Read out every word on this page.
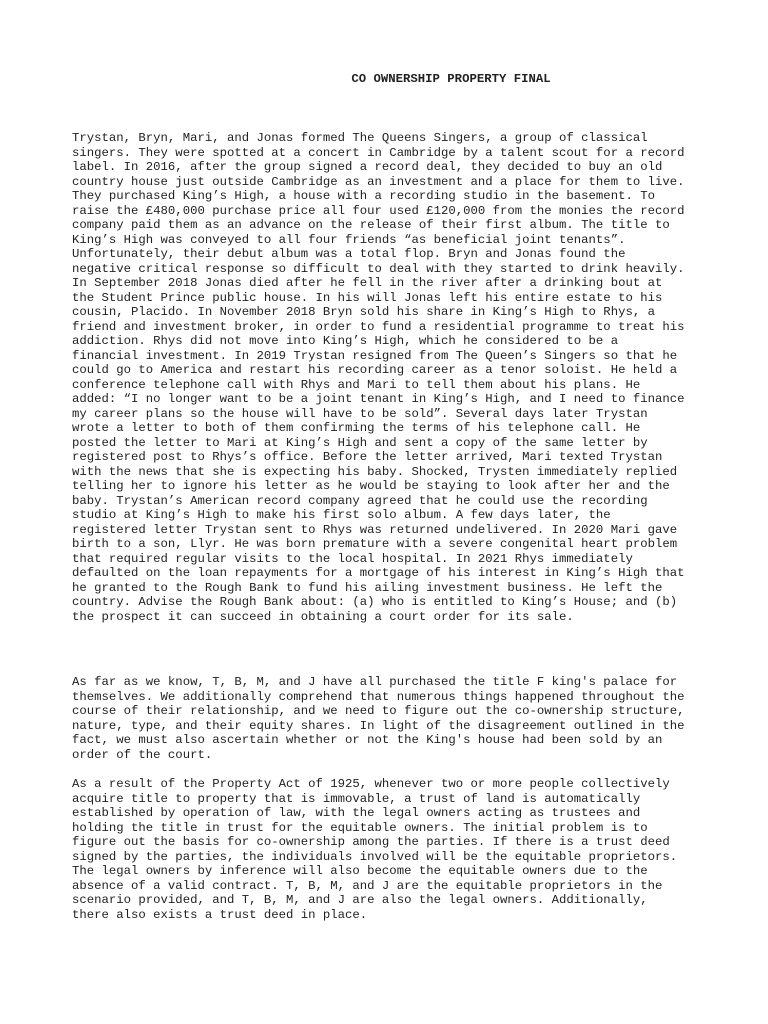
CO OWNERSHIP PROPERTY FINAL

Trystan, Bryn, Mari, and Jonas formed The Queens Singers, a group of classical
singers. They were spotted at a concert in Cambridge by a talent scout for a record
label. In 2016, after the group signed a record deal, they decided to buy an old
country house just outside Cambridge as an investment and a place for them to live.
They purchased King’s High, a house with a recording studio in the basement. To
raise the £480,000 purchase price all four used £120,000 from the monies the record
company paid them as an advance on the release of their first album. The title to
King’s High was conveyed to all four friends “as beneficial joint tenants”.
Unfortunately, their debut album was a total flop. Bryn and Jonas found the
negative critical response so difficult to deal with they started to drink heavily.
In September 2018 Jonas died after he fell in the river after a drinking bout at
the Student Prince public house. In his will Jonas left his entire estate to his
cousin, Placido. In November 2018 Bryn sold his share in King’s High to Rhys, a
friend and investment broker, in order to fund a residential programme to treat his
addiction. Rhys did not move into King’s High, which he considered to be a
financial investment. In 2019 Trystan resigned from The Queen’s Singers so that he
could go to America and restart his recording career as a tenor soloist. He held a
conference telephone call with Rhys and Mari to tell them about his plans. He
added: “I no longer want to be a joint tenant in King’s High, and I need to finance
my career plans so the house will have to be sold”. Several days later Trystan
wrote a letter to both of them confirming the terms of his telephone call. He
posted the letter to Mari at King’s High and sent a copy of the same letter by
registered post to Rhys’s office. Before the letter arrived, Mari texted Trystan
with the news that she is expecting his baby. Shocked, Trysten immediately replied
telling her to ignore his letter as he would be staying to look after her and the
baby. Trystan’s American record company agreed that he could use the recording
studio at King’s High to make his first solo album. A few days later, the
registered letter Trystan sent to Rhys was returned undelivered. In 2020 Mari gave
birth to a son, Llyr. He was born premature with a severe congenital heart problem
that required regular visits to the local hospital. In 2021 Rhys immediately
defaulted on the loan repayments for a mortgage of his interest in King’s High that
he granted to the Rough Bank to fund his ailing investment business. He left the
country. Advise the Rough Bank about: (a) who is entitled to King’s House; and (b)
the prospect it can succeed in obtaining a court order for its sale.

As far as we know, T, B, M, and J have all purchased the title F king's palace for
themselves. We additionally comprehend that numerous things happened throughout the
course of their relationship, and we need to figure out the co-ownership structure,
nature, type, and their equity shares. In light of the disagreement outlined in the
fact, we must also ascertain whether or not the King's house had been sold by an
order of the court.

As a result of the Property Act of 1925, whenever two or more people collectively
acquire title to property that is immovable, a trust of land is automatically
established by operation of law, with the legal owners acting as trustees and
holding the title in trust for the equitable owners. The initial problem is to
figure out the basis for co-ownership among the parties. If there is a trust deed
signed by the parties, the individuals involved will be the equitable proprietors.
The legal owners by inference will also become the equitable owners due to the
absence of a valid contract. T, B, M, and J are the equitable proprietors in the
scenario provided, and T, B, M, and J are also the legal owners. Additionally,
there also exists a trust deed in place.
